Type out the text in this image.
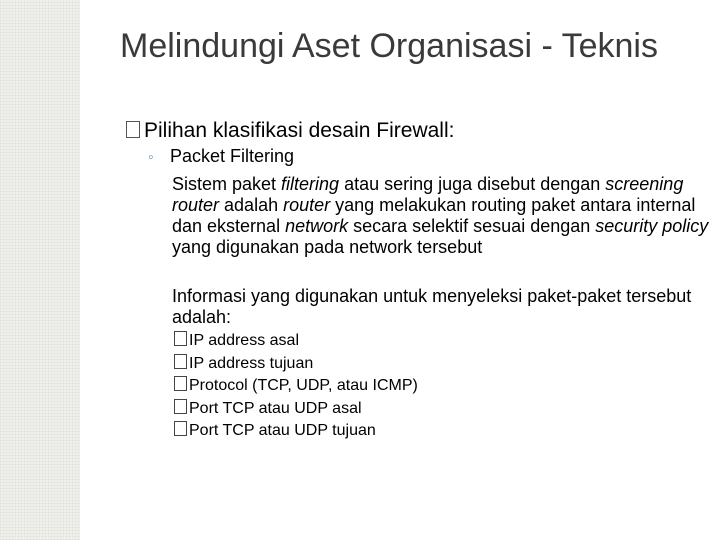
Melindungi Aset Organisasi - Teknis
Pilihan klasifikasi desain Firewall:
◦ Packet Filtering
Sistem paket filtering atau sering juga disebut dengan screening router adalah router yang melakukan routing paket antara internal dan eksternal network secara selektif sesuai dengan security policy yang digunakan pada network tersebut
Informasi yang digunakan untuk menyeleksi paket-paket tersebut adalah:
IP address asal
IP address tujuan
Protocol (TCP, UDP, atau ICMP)
Port TCP atau UDP asal
Port TCP atau UDP tujuan
